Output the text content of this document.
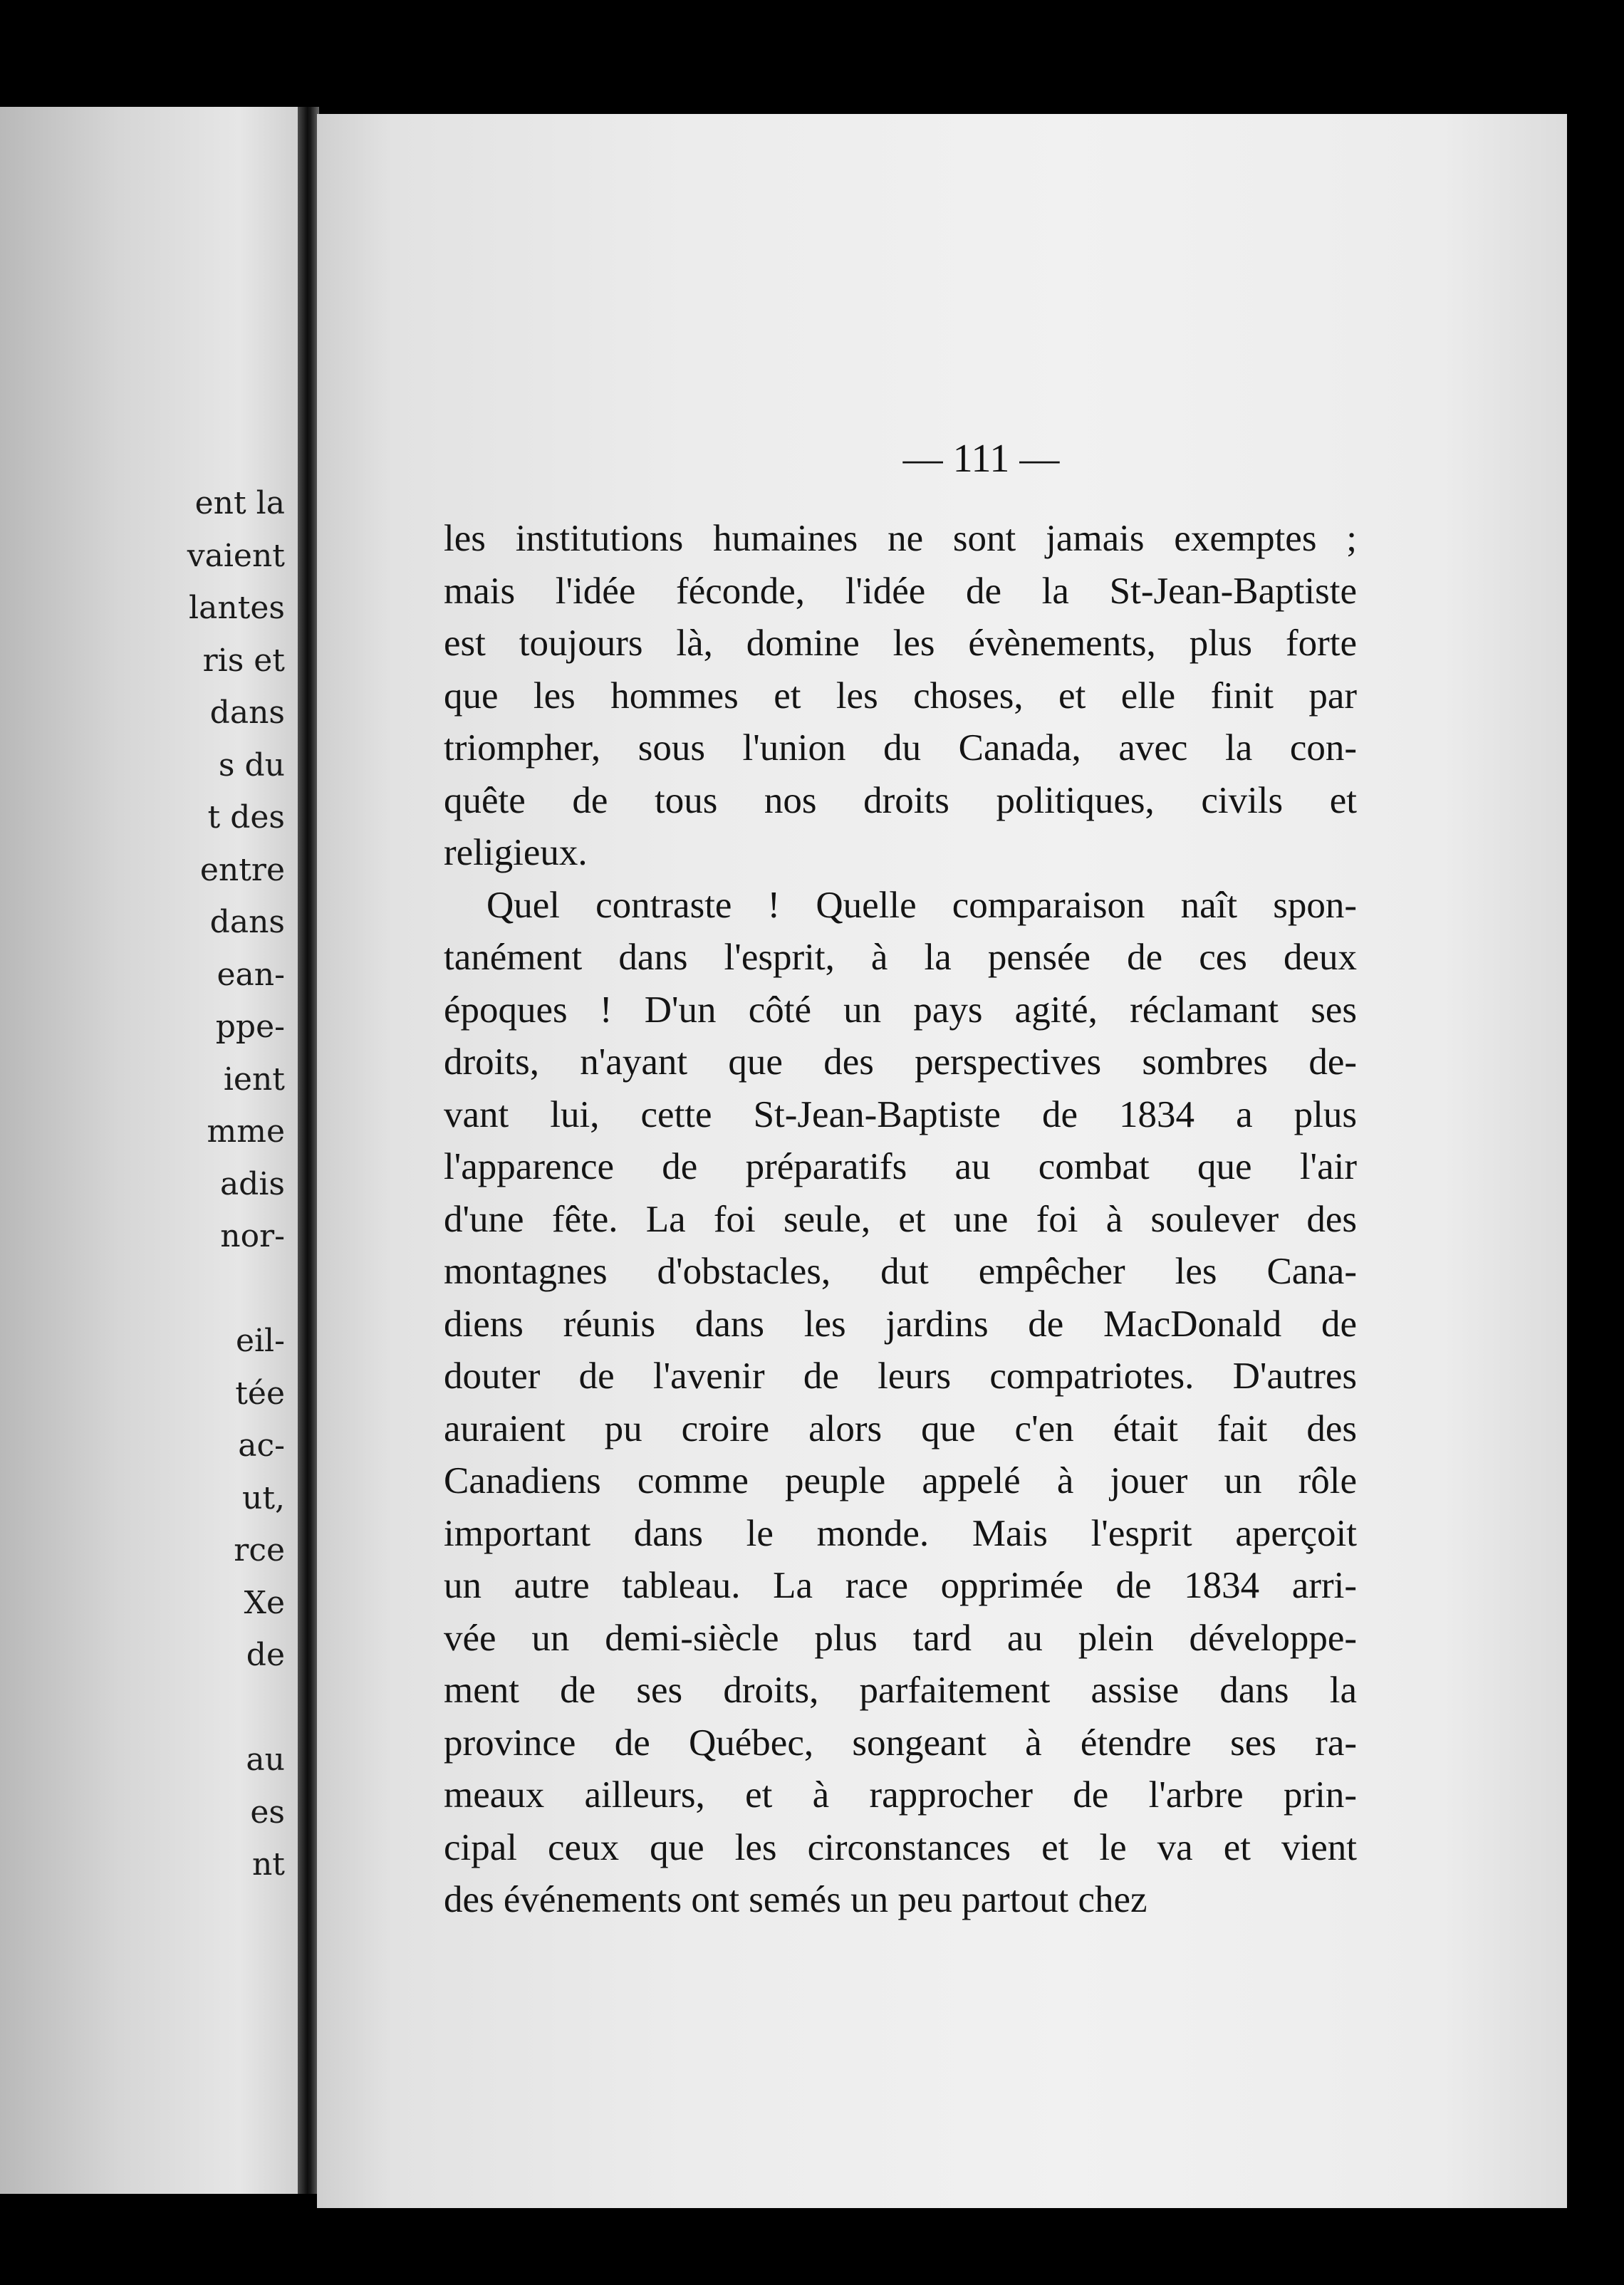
ent la
vaient
lantes
ris et
dans
s du
t des
entre
dans
ean-
ppe-
ient
mme
adis
nor-
eil-
tée
ac-
ut,
rce
Xe
de
au
es
nt
— 111 —
les institutions humaines ne sont jamais exemptes ;
mais l'idée féconde, l'idée de la St-Jean-Baptiste
est toujours là, domine les évènements, plus forte
que les hommes et les choses, et elle finit par
triompher, sous l'union du Canada, avec la con-
quête de tous nos droits politiques, civils et
religieux.
Quel contraste ! Quelle comparaison naît spon-
tanément dans l'esprit, à la pensée de ces deux
époques ! D'un côté un pays agité, réclamant ses
droits, n'ayant que des perspectives sombres de-
vant lui, cette St-Jean-Baptiste de 1834 a plus
l'apparence de préparatifs au combat que l'air
d'une fête. La foi seule, et une foi à soulever des
montagnes d'obstacles, dut empêcher les Cana-
diens réunis dans les jardins de MacDonald de
douter de l'avenir de leurs compatriotes. D'autres
auraient pu croire alors que c'en était fait des
Canadiens comme peuple appelé à jouer un rôle
important dans le monde. Mais l'esprit aperçoit
un autre tableau. La race opprimée de 1834 arri-
vée un demi-siècle plus tard au plein développe-
ment de ses droits, parfaitement assise dans la
province de Québec, songeant à étendre ses ra-
meaux ailleurs, et à rapprocher de l'arbre prin-
cipal ceux que les circonstances et le va et vient
des événements ont semés un peu partout chez
